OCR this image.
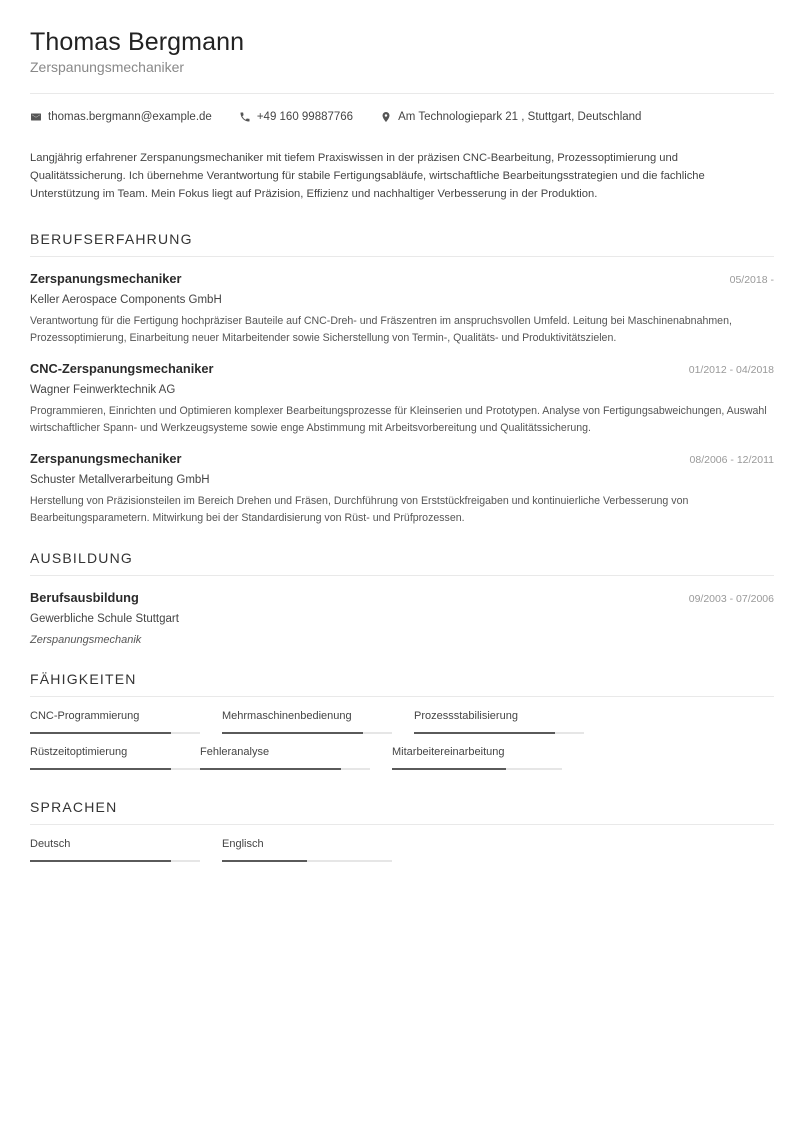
Thomas Bergmann
Zerspanungsmechaniker
thomas.bergmann@example.de	+49 160 99887766	Am Technologiepark 21 , Stuttgart, Deutschland
Langjährig erfahrener Zerspanungsmechaniker mit tiefem Praxiswissen in der präzisen CNC-Bearbeitung, Prozessoptimierung und Qualitätssicherung. Ich übernehme Verantwortung für stabile Fertigungsabläufe, wirtschaftliche Bearbeitungsstrategien und die fachliche Unterstützung im Team. Mein Fokus liegt auf Präzision, Effizienz und nachhaltiger Verbesserung in der Produktion.
BERUFSERFAHRUNG
Zerspanungsmechaniker	05/2018 -
Keller Aerospace Components GmbH
Verantwortung für die Fertigung hochpräziser Bauteile auf CNC-Dreh- und Fräszentren im anspruchsvollen Umfeld. Leitung bei Maschinenabnahmen, Prozessoptimierung, Einarbeitung neuer Mitarbeitender sowie Sicherstellung von Termin-, Qualitäts- und Produktivitätszielen.
CNC-Zerspanungsmechaniker	01/2012 - 04/2018
Wagner Feinwerktechnik AG
Programmieren, Einrichten und Optimieren komplexer Bearbeitungsprozesse für Kleinserien und Prototypen. Analyse von Fertigungsabweichungen, Auswahl wirtschaftlicher Spann- und Werkzeugsysteme sowie enge Abstimmung mit Arbeitsvorbereitung und Qualitätssicherung.
Zerspanungsmechaniker	08/2006 - 12/2011
Schuster Metallverarbeitung GmbH
Herstellung von Präzisionsteilen im Bereich Drehen und Fräsen, Durchführung von Erststückfreigaben und kontinuierliche Verbesserung von Bearbeitungsparametern. Mitwirkung bei der Standardisierung von Rüst- und Prüfprozessen.
AUSBILDUNG
Berufsausbildung	09/2003 - 07/2006
Gewerbliche Schule Stuttgart
Zerspanungsmechanik
FÄHIGKEITEN
CNC-Programmierung	Mehrmaschinenbedienung	Prozessstabilisierung
Rüstzeitoptimierung	Fehleranalyse	Mitarbeitereinarbeitung
SPRACHEN
Deutsch	Englisch
